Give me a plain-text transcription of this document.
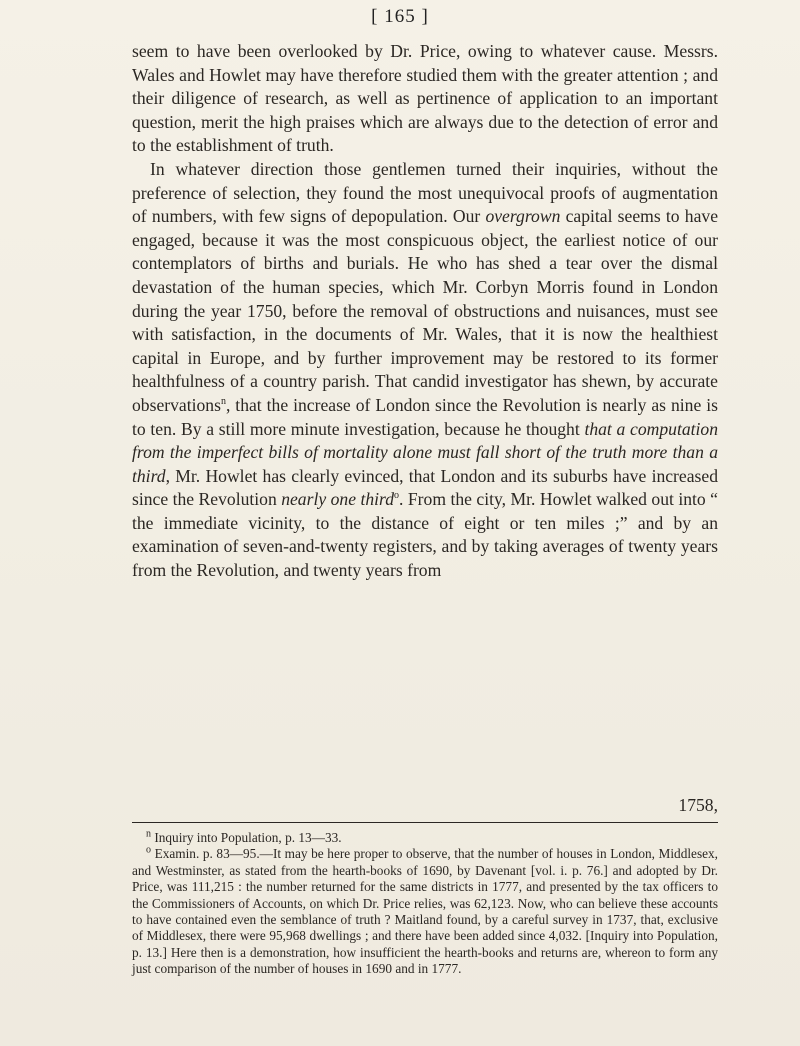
[ 165 ]

seem to have been overlooked by Dr. Price, owing to whatever cause. Messrs. Wales and Howlet may have therefore studied them with the greater attention ; and their diligence of research, as well as pertinence of application to an important question, merit the high praises which are always due to the detection of error and to the establishment of truth.

In whatever direction those gentlemen turned their inquiries, without the preference of selection, they found the most unequivocal proofs of augmentation of numbers, with few signs of depopulation. Our overgrown capital seems to have engaged, because it was the most conspicuous object, the earliest notice of our contemplators of births and burials. He who has shed a tear over the dismal devastation of the human species, which Mr. Corbyn Morris found in London during the year 1750, before the removal of obstructions and nuisances, must see with satisfaction, in the documents of Mr. Wales, that it is now the healthiest capital in Europe, and by further improvement may be restored to its former healthfulness of a country parish. That candid investigator has shewn, by accurate observations$^n$, that the increase of London since the Revolution is nearly as nine is to ten. By a still more minute investigation, because he thought that a computation from the imperfect bills of mortality alone must fall short of the truth more than a third, Mr. Howlet has clearly evinced, that London and its suburbs have increased since the Revolution nearly one third$^o$. From the city, Mr. Howlet walked out into “ the immediate vicinity, to the distance of eight or ten miles ;” and by an examination of seven-and-twenty registers, and by taking averages of twenty years from the Revolution, and twenty years from

1758,

$^n$ Inquiry into Population, p. 13—33.

$^o$ Examin. p. 83—95.—It may be here proper to observe, that the number of houses in London, Middlesex, and Westminster, as stated from the hearth-books of 1690, by Davenant [vol. i. p. 76.] and adopted by Dr. Price, was 111,215 : the number returned for the same districts in 1777, and presented by the tax officers to the Commissioners of Accounts, on which Dr. Price relies, was 62,123. Now, who can believe these accounts to have contained even the semblance of truth ? Maitland found, by a careful survey in 1737, that, exclusive of Middlesex, there were 95,968 dwellings ; and there have been added since 4,032. [Inquiry into Population, p. 13.] Here then is a demonstration, how insufficient the hearth-books and returns are, whereon to form any just comparison of the number of houses in 1690 and in 1777.
